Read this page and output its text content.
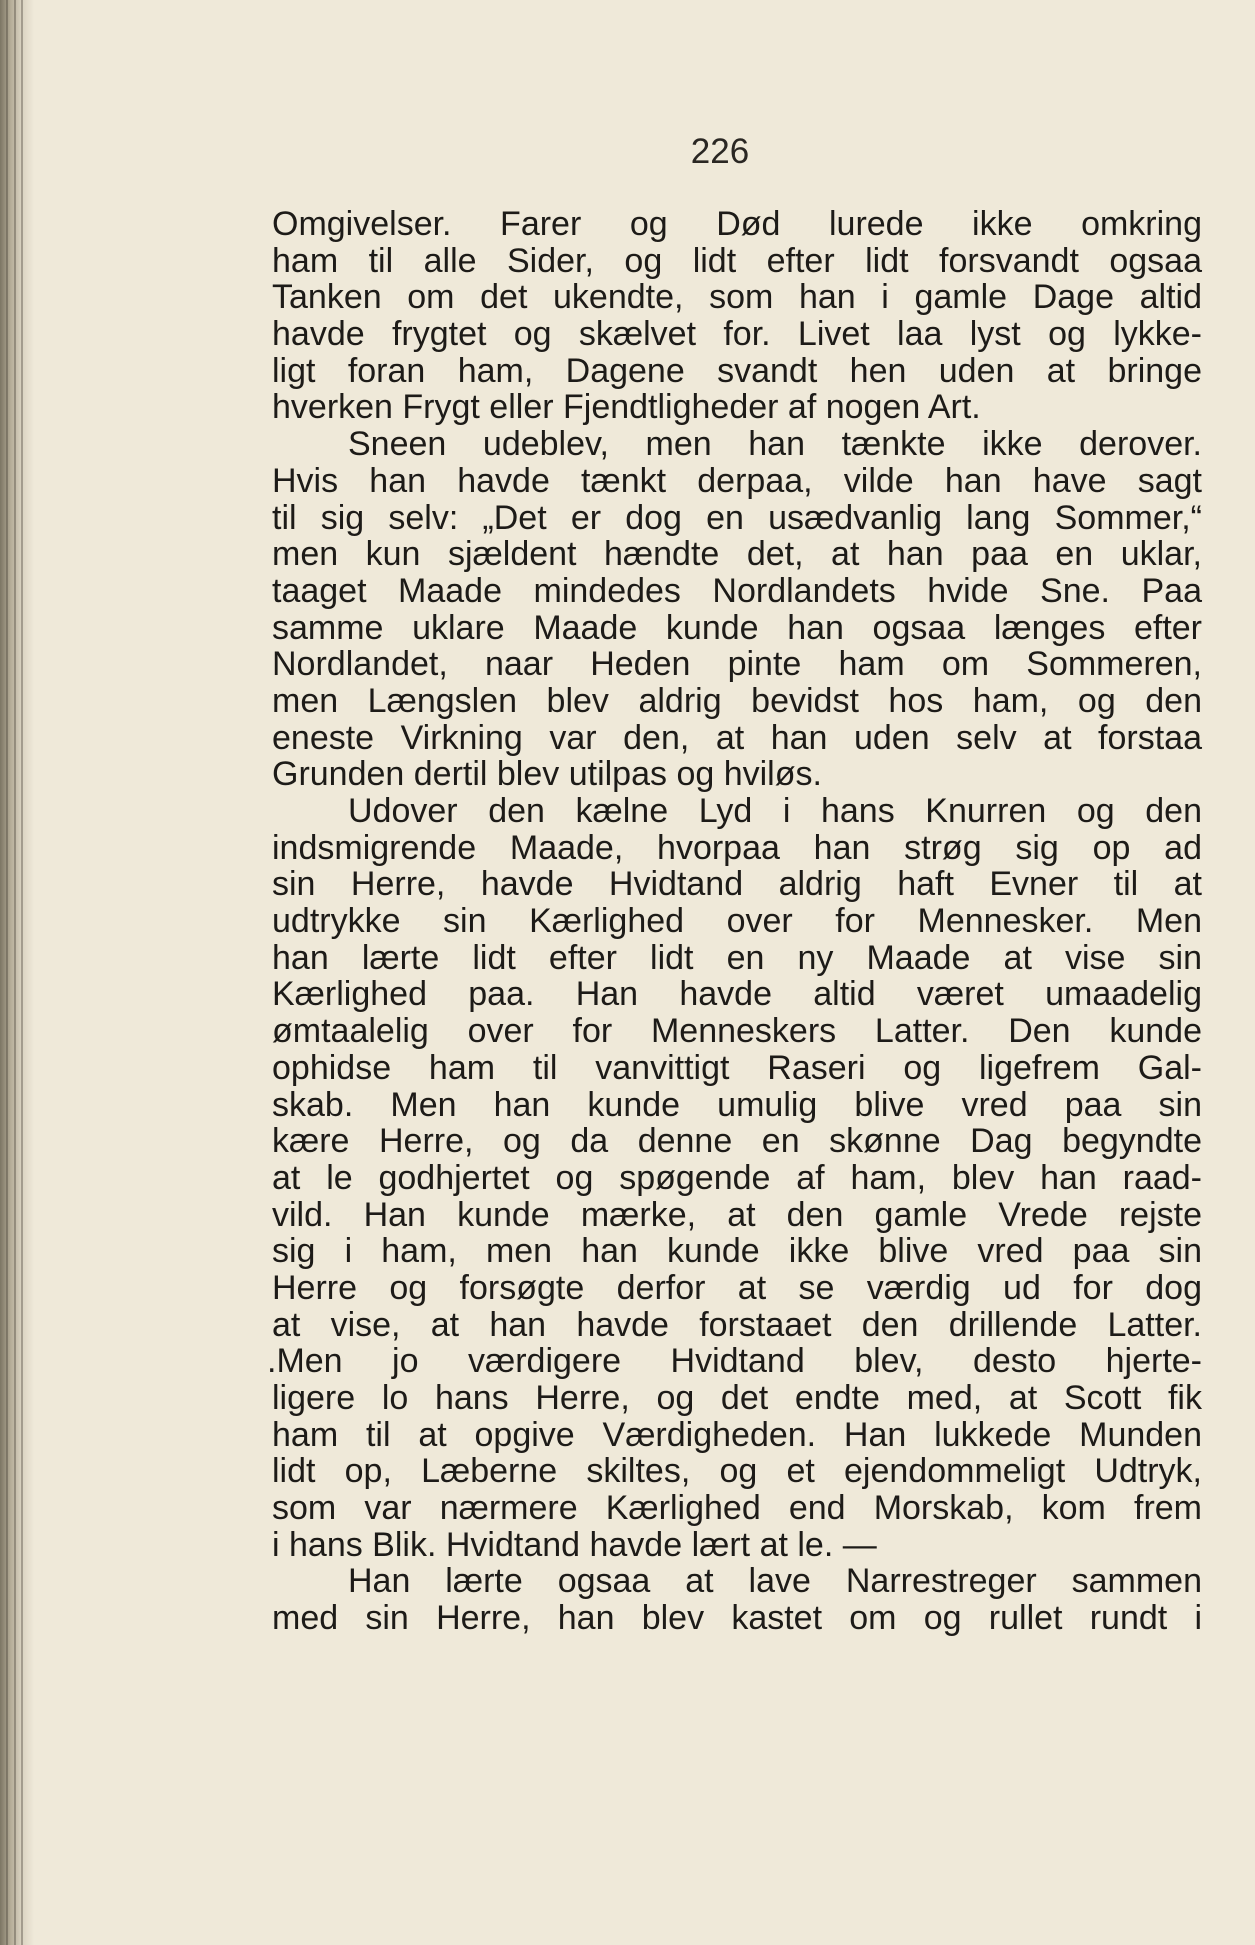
226
Omgivelser. Farer og Død lurede ikke omkring
ham til alle Sider, og lidt efter lidt forsvandt ogsaa
Tanken om det ukendte, som han i gamle Dage altid
havde frygtet og skælvet for. Livet laa lyst og lykke-
ligt foran ham, Dagene svandt hen uden at bringe
hverken Frygt eller Fjendtligheder af nogen Art.
Sneen udeblev, men han tænkte ikke derover.
Hvis han havde tænkt derpaa, vilde han have sagt
til sig selv: „Det er dog en usædvanlig lang Sommer,“
men kun sjældent hændte det, at han paa en uklar,
taaget Maade mindedes Nordlandets hvide Sne. Paa
samme uklare Maade kunde han ogsaa længes efter
Nordlandet, naar Heden pinte ham om Sommeren,
men Længslen blev aldrig bevidst hos ham, og den
eneste Virkning var den, at han uden selv at forstaa
Grunden dertil blev utilpas og hviløs.
Udover den kælne Lyd i hans Knurren og den
indsmigrende Maade, hvorpaa han strøg sig op ad
sin Herre, havde Hvidtand aldrig haft Evner til at
udtrykke sin Kærlighed over for Mennesker. Men
han lærte lidt efter lidt en ny Maade at vise sin
Kærlighed paa. Han havde altid været umaadelig
ømtaalelig over for Menneskers Latter. Den kunde
ophidse ham til vanvittigt Raseri og ligefrem Gal-
skab. Men han kunde umulig blive vred paa sin
kære Herre, og da denne en skønne Dag begyndte
at le godhjertet og spøgende af ham, blev han raad-
vild. Han kunde mærke, at den gamle Vrede rejste
sig i ham, men han kunde ikke blive vred paa sin
Herre og forsøgte derfor at se værdig ud for dog
at vise, at han havde forstaaet den drillende Latter.
.Men jo værdigere Hvidtand blev, desto hjerte-
ligere lo hans Herre, og det endte med, at Scott fik
ham til at opgive Værdigheden. Han lukkede Munden
lidt op, Læberne skiltes, og et ejendommeligt Udtryk,
som var nærmere Kærlighed end Morskab, kom frem
i hans Blik. Hvidtand havde lært at le. —
Han lærte ogsaa at lave Narrestreger sammen
med sin Herre, han blev kastet om og rullet rundt i
